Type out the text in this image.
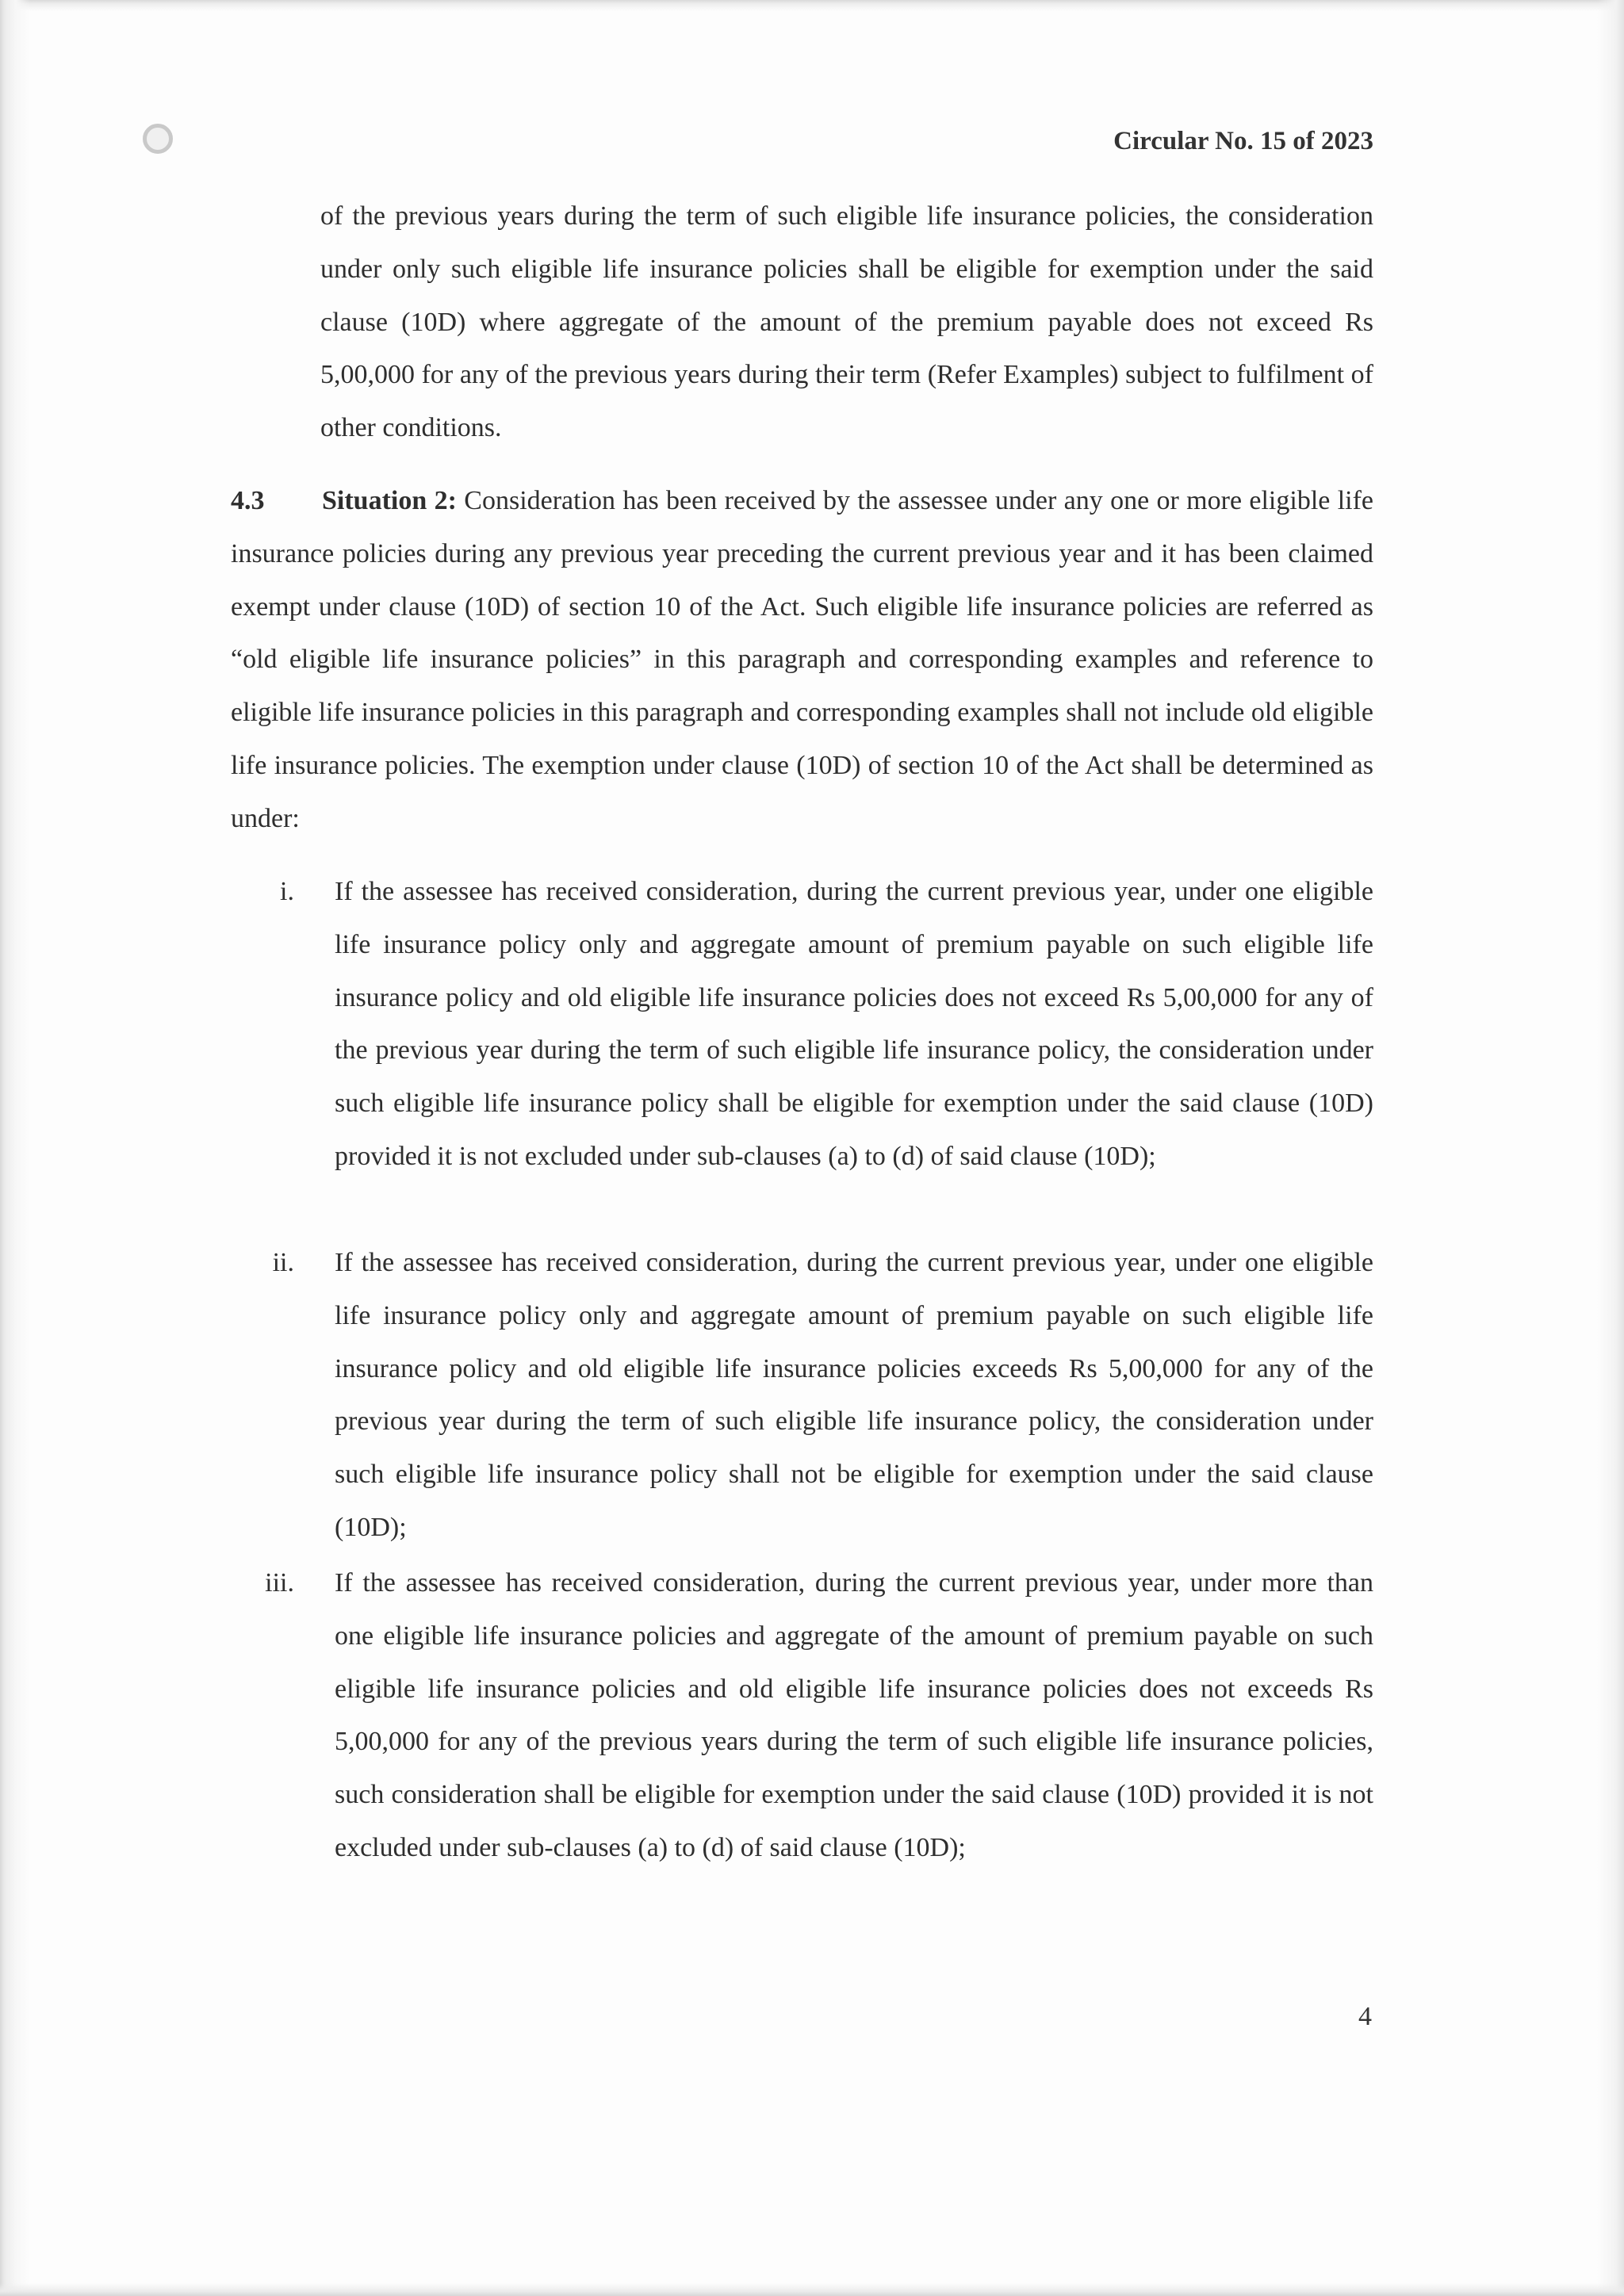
Circular No. 15 of 2023

of the previous years during the term of such eligible life insurance policies, the consideration under only such eligible life insurance policies shall be eligible for exemption under the said clause (10D) where aggregate of the amount of the premium payable does not exceed Rs 5,00,000 for any of the previous years during their term (Refer Examples) subject to fulfilment of other conditions.

4.3 Situation 2: Consideration has been received by the assessee under any one or more eligible life insurance policies during any previous year preceding the current previous year and it has been claimed exempt under clause (10D) of section 10 of the Act. Such eligible life insurance policies are referred as “old eligible life insurance policies” in this paragraph and corresponding examples and reference to eligible life insurance policies in this paragraph and corresponding examples shall not include old eligible life insurance policies. The exemption under clause (10D) of section 10 of the Act shall be determined as under:

i. If the assessee has received consideration, during the current previous year, under one eligible life insurance policy only and aggregate amount of premium payable on such eligible life insurance policy and old eligible life insurance policies does not exceed Rs 5,00,000 for any of the previous year during the term of such eligible life insurance policy, the consideration under such eligible life insurance policy shall be eligible for exemption under the said clause (10D) provided it is not excluded under sub-clauses (a) to (d) of said clause (10D);
ii. If the assessee has received consideration, during the current previous year, under one eligible life insurance policy only and aggregate amount of premium payable on such eligible life insurance policy and old eligible life insurance policies exceeds Rs 5,00,000 for any of the previous year during the term of such eligible life insurance policy, the consideration under such eligible life insurance policy shall not be eligible for exemption under the said clause (10D);
iii. If the assessee has received consideration, during the current previous year, under more than one eligible life insurance policies and aggregate of the amount of premium payable on such eligible life insurance policies and old eligible life insurance policies does not exceeds Rs 5,00,000 for any of the previous years during the term of such eligible life insurance policies, such consideration shall be eligible for exemption under the said clause (10D) provided it is not excluded under sub-clauses (a) to (d) of said clause (10D);
4
